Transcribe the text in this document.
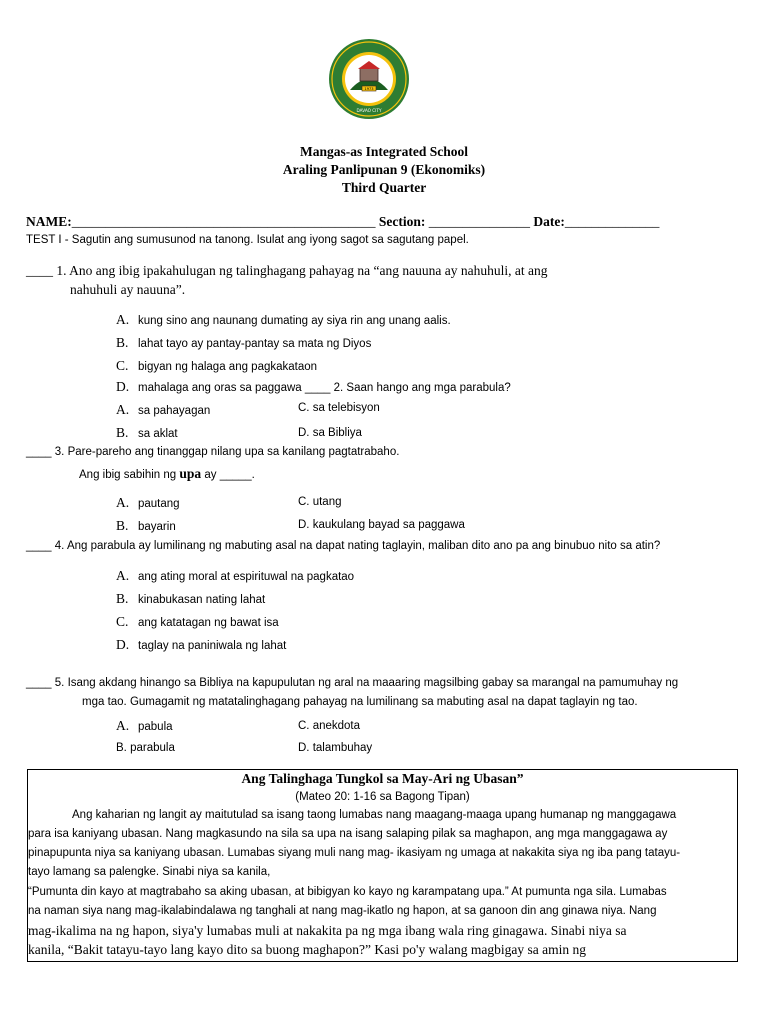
1973
DAVAO CITY
Mangas-as Integrated School
Araling Panlipunan 9 (Ekonomiks)
Third Quarter
NAME:_____________________________________________ Section: _______________ Date:______________
TEST I - Sagutin ang sumusunod na tanong. Isulat ang iyong sagot sa sagutang papel.
____ 1. Ano ang ibig ipakahulugan ng talinghagang pahayag na “ang nauuna ay nahuhuli, at ang
nahuhuli ay nauuna”.
A. kung sino ang naunang dumating ay siya rin ang unang aalis.
B. lahat tayo ay pantay-pantay sa mata ng Diyos
C. bigyan ng halaga ang pagkakataon
D. mahalaga ang oras sa paggawa ____ 2. Saan hango ang mga parabula?
A. sa pahayagan	C. sa telebisyon
B. sa aklat	D. sa Bibliya
____ 3. Pare-pareho ang tinanggap nilang upa sa kanilang pagtatrabaho.
Ang ibig sabihin ng upa ay _____.
A. pautang	C. utang
B. bayarin	D. kaukulang bayad sa paggawa
____ 4. Ang parabula ay lumilinang ng mabuting asal na dapat nating taglayin, maliban dito ano pa ang binubuo nito sa atin?
A. ang ating moral at espirituwal na pagkatao
B. kinabukasan nating lahat
C. ang katatagan ng bawat isa
D. taglay na paniniwala ng lahat
____ 5. Isang akdang hinango sa Bibliya na kapupulutan ng aral na maaaring magsilbing gabay sa marangal na pamumuhay ng
mga tao. Gumagamit ng matatalinghagang pahayag na lumilinang sa mabuting asal na dapat taglayin ng tao.
A. pabula	C. anekdota
B. parabula	D. talambuhay
Ang Talinghaga Tungkol sa May-Ari ng Ubasan”
(Mateo 20: 1-16 sa Bagong Tipan)
Ang kaharian ng langit ay maitutulad sa isang taong lumabas nang maagang-maaga upang humanap ng manggagawa
para isa kaniyang ubasan. Nang magkasundo na sila sa upa na isang salaping pilak sa maghapon, ang mga manggagawa ay
pinapupunta niya sa kaniyang ubasan. Lumabas siyang muli nang mag- ikasiyam ng umaga at nakakita siya ng iba pang tatayu-
tayo lamang sa palengke. Sinabi niya sa kanila,
“Pumunta din kayo at magtrabaho sa aking ubasan, at bibigyan ko kayo ng karampatang upa.” At pumunta nga sila. Lumabas
na naman siya nang mag-ikalabindalawa ng tanghali at nang mag-ikatlo ng hapon, at sa ganoon din ang ginawa niya. Nang
mag-ikalima na ng hapon, siya'y lumabas muli at nakakita pa ng mga ibang wala ring ginagawa. Sinabi niya sa
kanila, “Bakit tatayu-tayo lang kayo dito sa buong maghapon?” Kasi po'y walang magbigay sa amin ng
